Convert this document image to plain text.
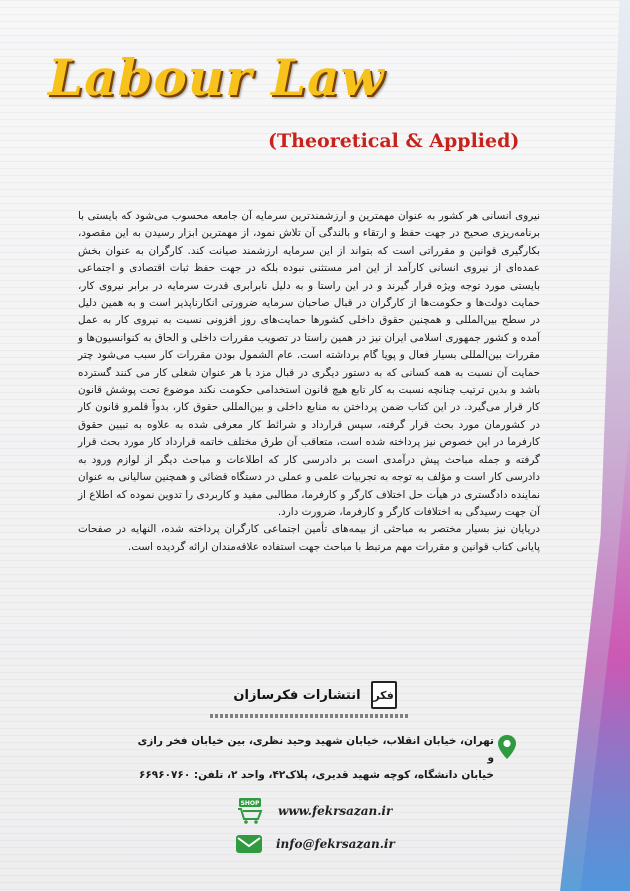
Labour Law
(Theoretical & Applied)

نیروی انسانی هر کشور به عنوان مهمترین و ارزشمندترین سرمایه آن جامعه محسوب می‌شود که بایستی با برنامه‌ریزی صحیح در جهت حفظ و ارتقاء و بالندگی آن تلاش نمود، از مهمترین ابزار رسیدن به این مقصود، بکارگیری قوانین و مقرراتی است که بتواند از این سرمایه ارزشمند صیانت کند. کارگران به عنوان بخش عمده‌ای از نیروی انسانی کارآمد از این امر مستثنی نبوده بلکه در جهت حفظ ثبات اقتصادی و اجتماعی بایستی مورد توجه ویژه قرار گیرند و در این راستا و به دلیل نابرابری قدرت سرمایه در برابر نیروی کار، حمایت دولت‌ها و حکومت‌ها از کارگران در قبال صاحبان سرمایه ضرورتی انکارناپذیر است و به همین دلیل در سطح بین‌المللی و همچنین حقوق داخلی کشورها حمایت‌های روز افزونی نسبت به نیروی کار به عمل آمده و کشور جمهوری اسلامی ایران نیز در همین راستا در تصویب مقررات داخلی و الحاق به کنوانسیون‌ها و مقررات بین‌المللی بسیار فعال و پویا گام برداشته است. عام الشمول بودن مقررات کار سبب می‌شود چتر حمایت آن نسبت به همه کسانی که به دستور دیگری در قبال مزد با هر عنوان شغلی کار می کنند گسترده باشد و بدین ترتیب چنانچه نسبت به کار تابع هیچ قانون استخدامی حکومت نکند موضوع تحت پوشش قانون کار قرار می‌گیرد. در این کتاب ضمن پرداختن به منابع داخلی و بین‌المللی حقوق کار، بدواً قلمرو قانون کار در کشورمان مورد بحث قرار گرفته، سپس قرارداد و شرائط کار معرفی شده به علاوه به تبیین حقوق کارفرما در این خصوص نیز پرداخته شده است، متعاقب آن طرق مختلف خاتمه قرارداد کار مورد بحث قرار گرفته و جمله مباحث پیش درآمدی است بر دادرسی کار که اطلاعات و مباحث دیگر از لوازم ورود به دادرسی کار است و مؤلف به توجه به تجربیات علمی و عملی در دستگاه قضائی و همچنین سالیانی به عنوان نماینده دادگستری در هیأت حل اختلاف کارگر و کارفرما، مطالبی مفید و کاربردی را تدوین نموده که اطلاع از آن جهت رسیدگی به اختلافات کارگر و کارفرما، ضرورت دارد.

دریایان نیز بسیار مختصر به مباحثی از بیمه‌های تأمین اجتماعی کارگران پرداخته شده، النهایه در صفحات پایانی کتاب قوانین و مقررات مهم مرتبط با مباحث جهت استفاده علاقه‌مندان ارائه گردیده است.

انتشارات فکرسازان فکر

تهران، خیابان انقلاب، خیابان شهید وحید نظری، بین خیابان فخر رازی و

خیابان دانشگاه، کوچه شهید قدیری، پلاک۴۲، واحد ۲، تلفن: ۶۶۹۶۰۷۶۰

SHOP
www.fekrsazan.ir
info@fekrsazan.ir
